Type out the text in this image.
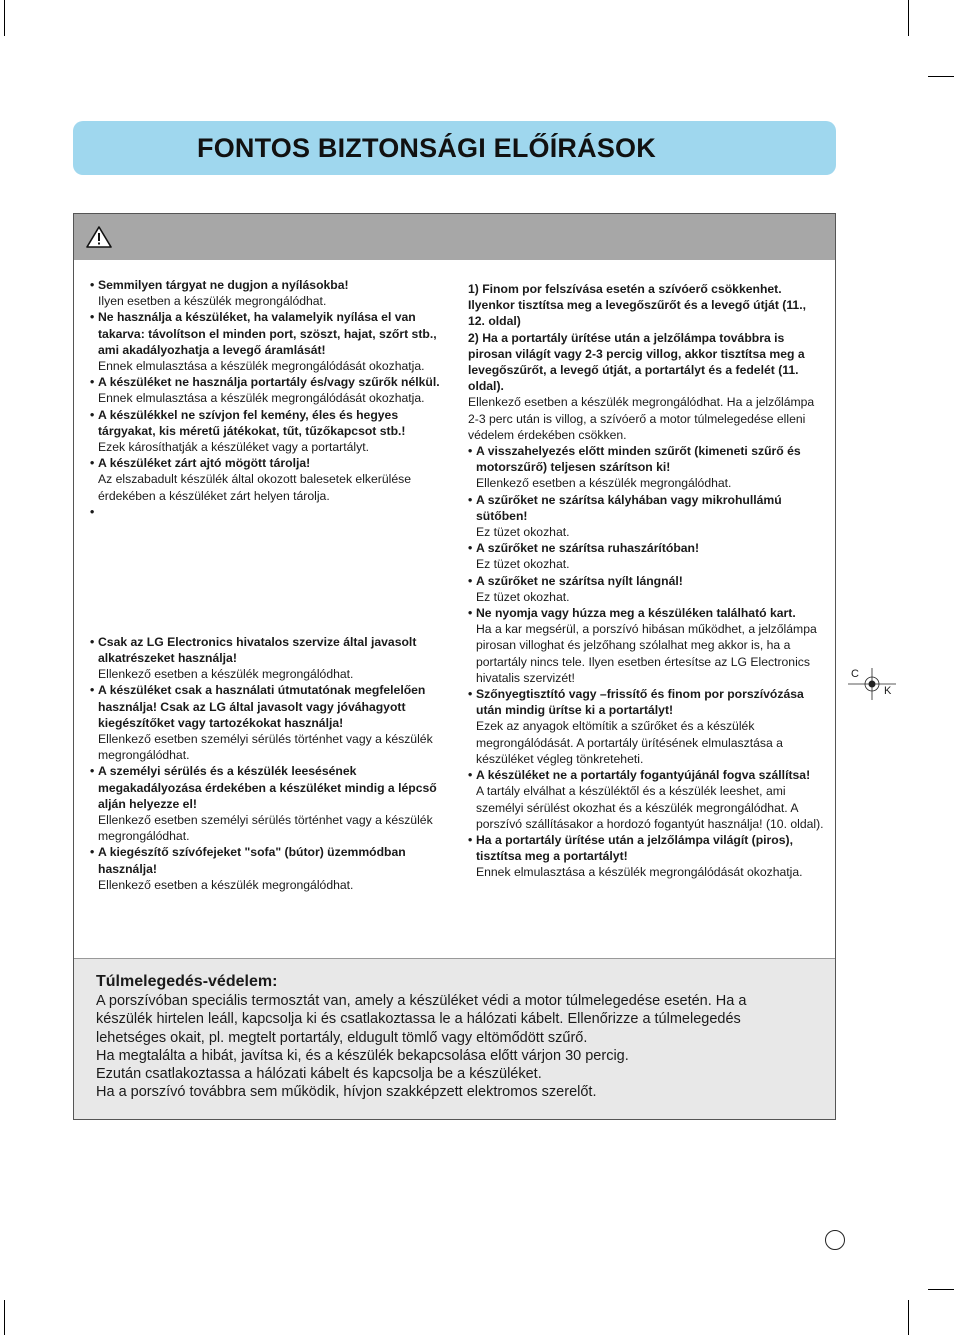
FONTOS BIZTONSÁGI ELŐÍRÁSOK
• Semmilyen tárgyat ne dugjon a nyílásokba!
Ilyen esetben a készülék megrongálódhat.
• Ne használja a készüléket, ha valamelyik nyílása el van takarva: távolítson el minden port, szöszt, hajat, szőrt stb., ami akadályozhatja a levegő áramlását!
Ennek elmulasztása a készülék megrongálódását okozhatja.
• A készüléket ne használja portartály és/vagy szűrők nélkül.
Ennek elmulasztása a készülék megrongálódását okozhatja.
• A készülékkel ne szívjon fel kemény, éles és hegyes tárgyakat, kis méretű játékokat, tűt, tűzőkapcsot stb.!
Ezek károsíthatják a készüléket vagy a portartályt.
• A készüléket zárt ajtó mögött tárolja!
Az elszabadult készülék által okozott balesetek elkerülése érdekében a készüléket zárt helyen tárolja.
•
• Csak az LG Electronics hivatalos szervize által javasolt alkatrészeket használja!
Ellenkező esetben a készülék megrongálódhat.
• A készüléket csak a használati útmutatónak megfelelően használja! Csak az LG által javasolt vagy jóváhagyott kiegészítőket vagy tartozékokat használja!
Ellenkező esetben személyi sérülés történhet vagy a készülék megrongálódhat.
• A személyi sérülés és a készülék leesésének megakadályozása érdekében a készüléket mindig a lépcső alján helyezze el!
Ellenkező esetben személyi sérülés történhet vagy a készülék megrongálódhat.
• A kiegészítő szívófejeket "sofa" (bútor) üzemmódban használja!
Ellenkező esetben a készülék megrongálódhat.
1) Finom por felszívása esetén a szívóerő csökkenhet. Ilyenkor tisztítsa meg a levegőszűrőt és a levegő útját (11., 12. oldal)
2) Ha a portartály ürítése után a jelzőlámpa továbbra is pirosan világít vagy 2-3 percig villog, akkor tisztítsa meg a levegőszűrőt, a levegő útját, a portartályt és a fedelét (11. oldal).
Ellenkező esetben a készülék megrongálódhat. Ha a jelzőlámpa 2-3 perc után is villog, a szívóerő a motor túlmelegedése elleni védelem érdekében csökken.
• A visszahelyezés előtt minden szűrőt (kimeneti szűrő és motorszűrő) teljesen szárítson ki!
Ellenkező esetben a készülék megrongálódhat.
• A szűrőket ne szárítsa kályhában vagy mikrohullámú sütőben!
Ez tüzet okozhat.
• A szűrőket ne szárítsa ruhaszárítóban!
Ez tüzet okozhat.
• A szűrőket ne szárítsa nyílt lángnál!
Ez tüzet okozhat.
• Ne nyomja vagy húzza meg a készüléken található kart.
Ha a kar megsérül, a porszívó hibásan működhet, a jelzőlámpa pirosan villoghat és jelzőhang szólalhat meg akkor is, ha a portartály nincs tele. Ilyen esetben értesítse az LG Electronics hivatalis szervizét!
• Szőnyegtisztító vagy –frissítő és finom por porszívózása után mindig ürítse ki a portartályt!
Ezek az anyagok eltömítik a szűrőket és a készülék megrongálódását. A portartály ürítésének elmulasztása a készüléket végleg tönkreteheti.
• A készüléket ne a portartály fogantyújánál fogva szállítsa!
A tartály elválhat a készüléktől és a készülék leeshet, ami személyi sérülést okozhat és a készülék megrongálódhat. A porszívó szállításakor a hordozó fogantyút használja! (10. oldal).
• Ha a portartály ürítése után a jelzőlámpa világít (piros), tisztítsa meg a portartályt!
Ennek elmulasztása a készülék megrongálódását okozhatja.
Túlmelegedés-védelem:
A porszívóban speciális termosztát van, amely a készüléket védi a motor túlmelegedése esetén. Ha a
készülék hirtelen leáll, kapcsolja ki és csatlakoztassa le a hálózati kábelt. Ellenőrizze a túlmelegedés
lehetséges okait, pl. megtelt portartály, eldugult tömlő vagy eltömődött szűrő.
Ha megtalálta a hibát, javítsa ki, és a készülék bekapcsolása előtt várjon 30 percig.
Ezután csatlakoztassa a hálózati kábelt és kapcsolja be a készüléket.
Ha a porszívó továbbra sem működik, hívjon szakképzett elektromos szerelőt.
C
K
